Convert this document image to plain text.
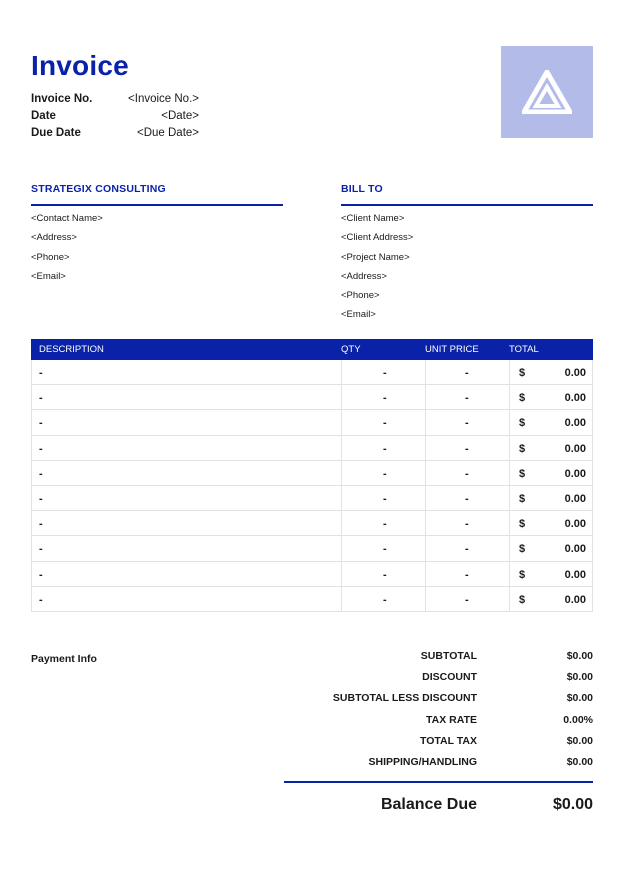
Invoice
Invoice No.	<Invoice No.>
Date	<Date>
Due Date	<Due Date>
STRATEGIX CONSULTING
<Contact Name>
<Address>
<Phone>
<Email>
BILL TO
<Client Name>
<Client Address>
<Project Name>
<Address>
<Phone>
<Email>
DESCRIPTION	QTY	UNIT PRICE	TOTAL
-	-	-	$	0.00
-	-	-	$	0.00
-	-	-	$	0.00
-	-	-	$	0.00
-	-	-	$	0.00
-	-	-	$	0.00
-	-	-	$	0.00
-	-	-	$	0.00
-	-	-	$	0.00
-	-	-	$	0.00
Payment Info	SUBTOTAL	$0.00
DISCOUNT	$0.00
SUBTOTAL LESS DISCOUNT	$0.00
TAX RATE	0.00%
TOTAL TAX	$0.00
SHIPPING/HANDLING	$0.00
Balance Due	$0.00
